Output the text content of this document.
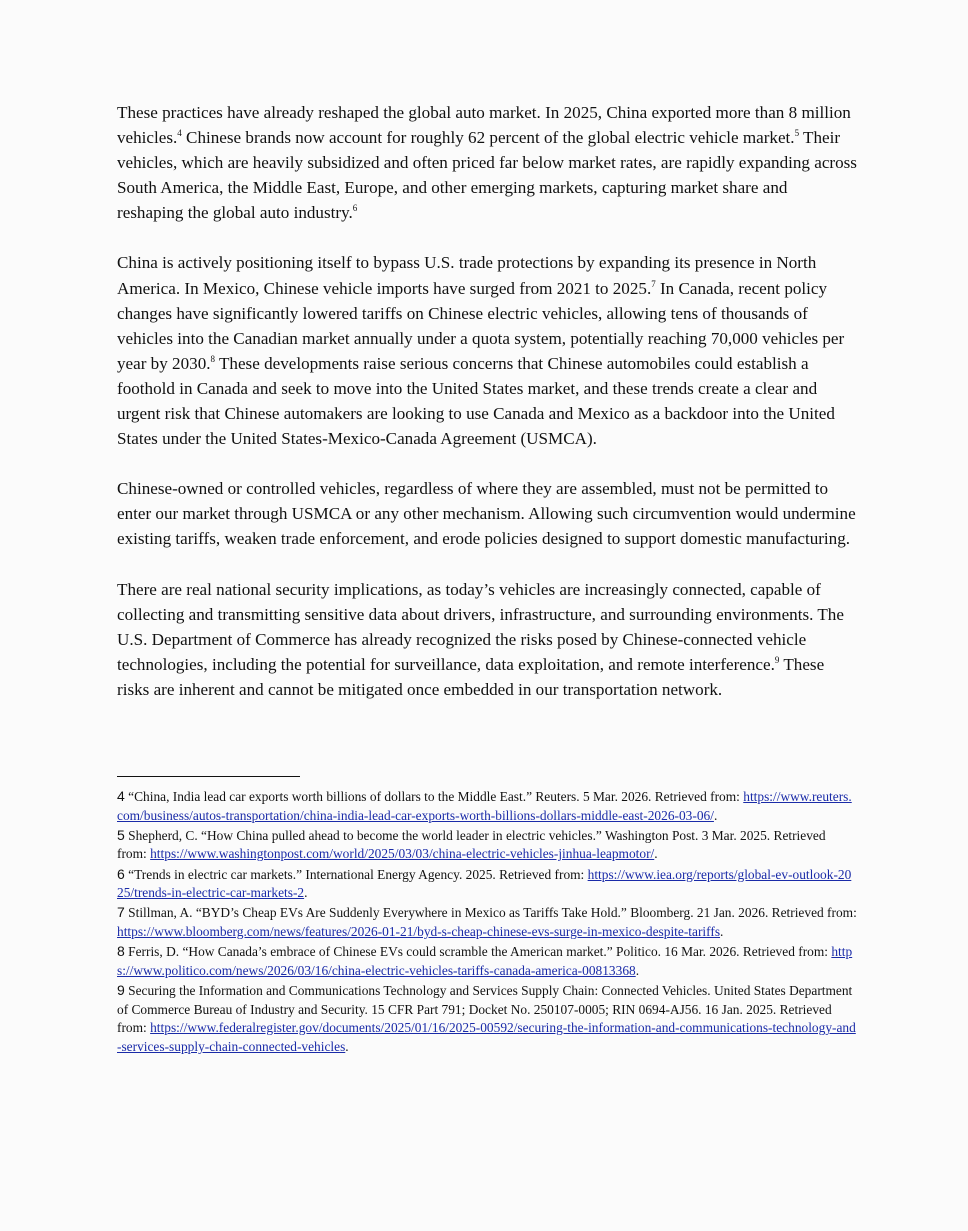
These practices have already reshaped the global auto market. In 2025, China exported more than 8 million vehicles.$^4$ Chinese brands now account for roughly 62 percent of the global electric vehicle market.$^5$ Their vehicles, which are heavily subsidized and often priced far below market rates, are rapidly expanding across South America, the Middle East, Europe, and other emerging markets, capturing market share and reshaping the global auto industry.$^6$

China is actively positioning itself to bypass U.S. trade protections by expanding its presence in North America. In Mexico, Chinese vehicle imports have surged from 2021 to 2025.$^7$ In Canada, recent policy changes have significantly lowered tariffs on Chinese electric vehicles, allowing tens of thousands of vehicles into the Canadian market annually under a quota system, potentially reaching 70,000 vehicles per year by 2030.$^8$ These developments raise serious concerns that Chinese automobiles could establish a foothold in Canada and seek to move into the United States market, and these trends create a clear and urgent risk that Chinese automakers are looking to use Canada and Mexico as a backdoor into the United States under the United States-Mexico-Canada Agreement (USMCA).

Chinese-owned or controlled vehicles, regardless of where they are assembled, must not be permitted to enter our market through USMCA or any other mechanism. Allowing such circumvention would undermine existing tariffs, weaken trade enforcement, and erode policies designed to support domestic manufacturing.

There are real national security implications, as today’s vehicles are increasingly connected, capable of collecting and transmitting sensitive data about drivers, infrastructure, and surrounding environments. The U.S. Department of Commerce has already recognized the risks posed by Chinese-connected vehicle technologies, including the potential for surveillance, data exploitation, and remote interference.$^9$ These risks are inherent and cannot be mitigated once embedded in our transportation network.

4 “China, India lead car exports worth billions of dollars to the Middle East.” Reuters. 5 Mar. 2026. Retrieved from: https://www.reuters.com/business/autos-transportation/china-india-lead-car-exports-worth-billions-dollars-middle-east-2026-03-06/.
5 Shepherd, C. “How China pulled ahead to become the world leader in electric vehicles.” Washington Post. 3 Mar. 2025. Retrieved from: https://www.washingtonpost.com/world/2025/03/03/china-electric-vehicles-jinhua-leapmotor/.
6 “Trends in electric car markets.” International Energy Agency. 2025. Retrieved from: https://www.iea.org/reports/global-ev-outlook-2025/trends-in-electric-car-markets-2.
7 Stillman, A. “BYD’s Cheap EVs Are Suddenly Everywhere in Mexico as Tariffs Take Hold.” Bloomberg. 21 Jan. 2026. Retrieved from: https://www.bloomberg.com/news/features/2026-01-21/byd-s-cheap-chinese-evs-surge-in-mexico-despite-tariffs.
8 Ferris, D. “How Canada’s embrace of Chinese EVs could scramble the American market.” Politico. 16 Mar. 2026. Retrieved from: https://www.politico.com/news/2026/03/16/china-electric-vehicles-tariffs-canada-america-00813368.
9 Securing the Information and Communications Technology and Services Supply Chain: Connected Vehicles. United States Department of Commerce Bureau of Industry and Security. 15 CFR Part 791; Docket No. 250107-0005; RIN 0694-AJ56. 16 Jan. 2025. Retrieved from: https://www.federalregister.gov/documents/2025/01/16/2025-00592/securing-the-information-and-communications-technology-and-services-supply-chain-connected-vehicles.
